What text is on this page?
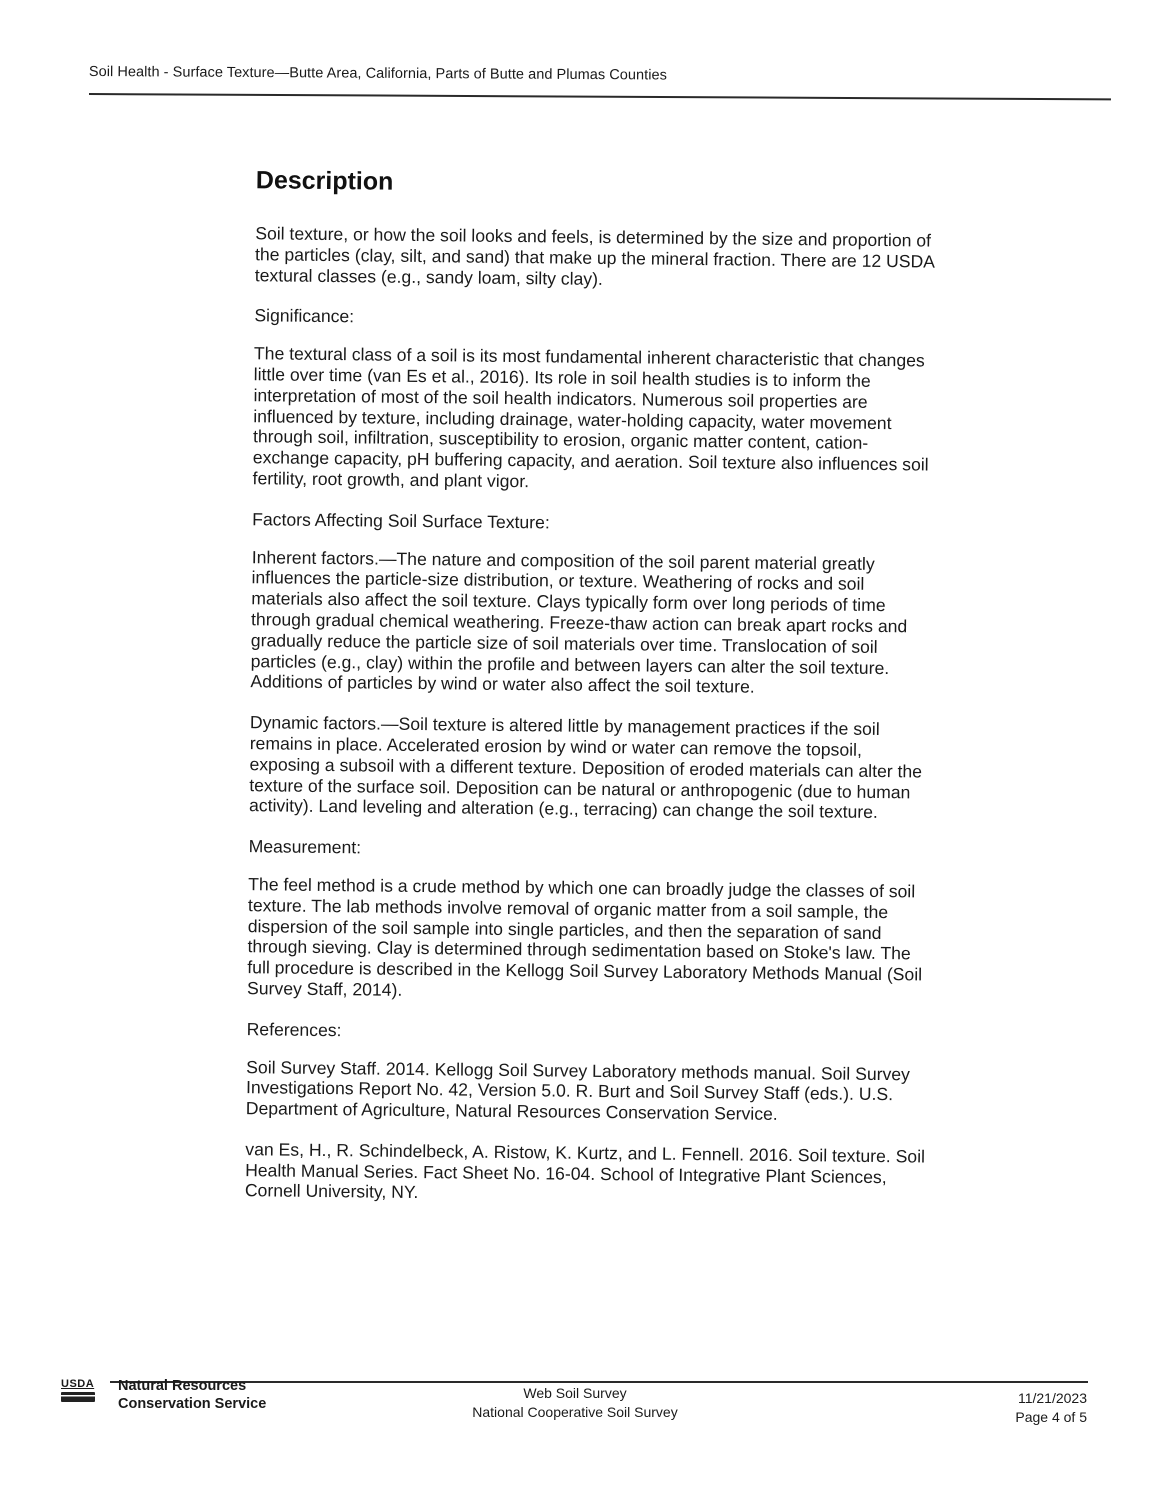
Soil Health - Surface Texture—Butte Area, California, Parts of Butte and Plumas Counties
Description

Soil texture, or how the soil looks and feels, is determined by the size and proportion of the particles (clay, silt, and sand) that make up the mineral fraction. There are 12 USDA textural classes (e.g., sandy loam, silty clay).

Significance:

The textural class of a soil is its most fundamental inherent characteristic that changes little over time (van Es et al., 2016). Its role in soil health studies is to inform the interpretation of most of the soil health indicators. Numerous soil properties are influenced by texture, including drainage, water-holding capacity, water movement through soil, infiltration, susceptibility to erosion, organic matter content, cation-exchange capacity, pH buffering capacity, and aeration. Soil texture also influences soil fertility, root growth, and plant vigor.

Factors Affecting Soil Surface Texture:

Inherent factors.—The nature and composition of the soil parent material greatly influences the particle-size distribution, or texture. Weathering of rocks and soil materials also affect the soil texture. Clays typically form over long periods of time through gradual chemical weathering. Freeze-thaw action can break apart rocks and gradually reduce the particle size of soil materials over time. Translocation of soil particles (e.g., clay) within the profile and between layers can alter the soil texture. Additions of particles by wind or water also affect the soil texture.

Dynamic factors.—Soil texture is altered little by management practices if the soil remains in place. Accelerated erosion by wind or water can remove the topsoil, exposing a subsoil with a different texture. Deposition of eroded materials can alter the texture of the surface soil. Deposition can be natural or anthropogenic (due to human activity). Land leveling and alteration (e.g., terracing) can change the soil texture.

Measurement:

The feel method is a crude method by which one can broadly judge the classes of soil texture. The lab methods involve removal of organic matter from a soil sample, the dispersion of the soil sample into single particles, and then the separation of sand through sieving. Clay is determined through sedimentation based on Stoke's law. The full procedure is described in the Kellogg Soil Survey Laboratory Methods Manual (Soil Survey Staff, 2014).

References:

Soil Survey Staff. 2014. Kellogg Soil Survey Laboratory methods manual. Soil Survey Investigations Report No. 42, Version 5.0. R. Burt and Soil Survey Staff (eds.). U.S. Department of Agriculture, Natural Resources Conservation Service.

van Es, H., R. Schindelbeck, A. Ristow, K. Kurtz, and L. Fennell. 2016. Soil texture. Soil Health Manual Series. Fact Sheet No. 16-04. School of Integrative Plant Sciences, Cornell University, NY.

USDA Natural Resources
Conservation Service
Web Soil Survey
National Cooperative Soil Survey
11/21/2023
Page 4 of 5
